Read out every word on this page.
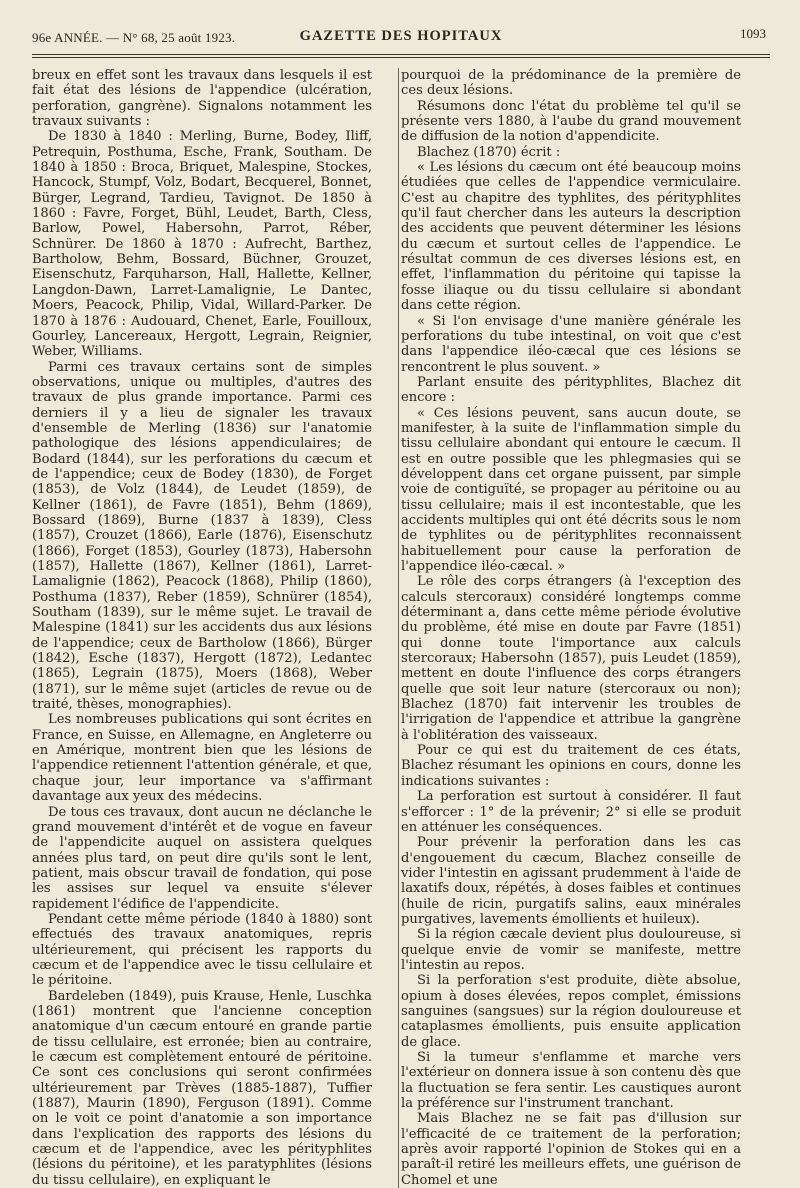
96e ANNÉE. — N° 68, 25 août 1923.	GAZETTE DES HOPITAUX	1093

breux en effet sont les travaux dans lesquels il est fait état des lésions de l'appendice (ulcération, perforation, gangrène). Signalons notamment les travaux suivants :

De 1830 à 1840 : Merling, Burne, Bodey, Iliff, Petrequin, Posthuma, Esche, Frank, Southam. De 1840 à 1850 : Broca, Briquet, Malespine, Stockes, Hancock, Stumpf, Volz, Bodart, Becquerel, Bonnet, Bürger, Legrand, Tardieu, Tavignot. De 1850 à 1860 : Favre, Forget, Bühl, Leudet, Barth, Cless, Barlow, Powel, Habersohn, Parrot, Réber, Schnürer. De 1860 à 1870 : Aufrecht, Barthez, Bartholow, Behm, Bossard, Büchner, Grouzet, Eisenschutz, Farquharson, Hall, Hallette, Kellner, Langdon-Dawn, Larret-Lamalignie, Le Dantec, Moers, Peacock, Philip, Vidal, Willard-Parker. De 1870 à 1876 : Audouard, Chenet, Earle, Fouilloux, Gourley, Lancereaux, Hergott, Legrain, Reignier, Weber, Williams.

Parmi ces travaux certains sont de simples observations, unique ou multiples, d'autres des travaux de plus grande importance. Parmi ces derniers il y a lieu de signaler les travaux d'ensemble de Merling (1836) sur l'anatomie pathologique des lésions appendiculaires; de Bodard (1844), sur les perforations du cæcum et de l'appendice; ceux de Bodey (1830), de Forget (1853), de Volz (1844), de Leudet (1859), de Kellner (1861), de Favre (1851), Behm (1869), Bossard (1869), Burne (1837 à 1839), Cless (1857), Crouzet (1866), Earle (1876), Eisenschutz (1866), Forget (1853), Gourley (1873), Habersohn (1857), Hallette (1867), Kellner (1861), Larret-Lamalignie (1862), Peacock (1868), Philip (1860), Posthuma (1837), Reber (1859), Schnürer (1854), Southam (1839), sur le même sujet. Le travail de Malespine (1841) sur les accidents dus aux lésions de l'appendice; ceux de Bartholow (1866), Bürger (1842), Esche (1837), Hergott (1872), Ledantec (1865), Legrain (1875), Moers (1868), Weber (1871), sur le même sujet (articles de revue ou de traité, thèses, monographies).

Les nombreuses publications qui sont écrites en France, en Suisse, en Allemagne, en Angleterre ou en Amérique, montrent bien que les lésions de l'appendice retiennent l'attention générale, et que, chaque jour, leur importance va s'affirmant davantage aux yeux des médecins.

De tous ces travaux, dont aucun ne déclanche le grand mouvement d'intérêt et de vogue en faveur de l'appendicite auquel on assistera quelques années plus tard, on peut dire qu'ils sont le lent, patient, mais obscur travail de fondation, qui pose les assises sur lequel va ensuite s'élever rapidement l'édifice de l'appendicite.

Pendant cette même période (1840 à 1880) sont effectués des travaux anatomiques, repris ultérieurement, qui précisent les rapports du cæcum et de l'appendice avec le tissu cellulaire et le péritoine.

Bardeleben (1849), puis Krause, Henle, Luschka (1861) montrent que l'ancienne conception anatomique d'un cæcum entouré en grande partie de tissu cellulaire, est erronée; bien au contraire, le cæcum est complètement entouré de péritoine. Ce sont ces conclusions qui seront confirmées ultérieurement par Trèves (1885-1887), Tuffier (1887), Maurin (1890), Ferguson (1891). Comme on le voit ce point d'anatomie a son importance dans l'explication des rapports des lésions du cæcum et de l'appendice, avec les pérityphlites (lésions du péritoine), et les paratyphlites (lésions du tissu cellulaire), en expliquant le

pourquoi de la prédominance de la première de ces deux lésions.

Résumons donc l'état du problème tel qu'il se présente vers 1880, à l'aube du grand mouvement de diffusion de la notion d'appendicite.

Blachez (1870) écrit :

« Les lésions du cæcum ont été beaucoup moins étudiées que celles de l'appendice vermiculaire. C'est au chapitre des typhlites, des pérityphlites qu'il faut chercher dans les auteurs la description des accidents que peuvent déterminer les lésions du cæcum et surtout celles de l'appendice. Le résultat commun de ces diverses lésions est, en effet, l'inflammation du péritoine qui tapisse la fosse iliaque ou du tissu cellulaire si abondant dans cette région.

« Si l'on envisage d'une manière générale les perforations du tube intestinal, on voit que c'est dans l'appendice iléo-cæcal que ces lésions se rencontrent le plus souvent. »

Parlant ensuite des pérityphlites, Blachez dit encore :

« Ces lésions peuvent, sans aucun doute, se manifester, à la suite de l'inflammation simple du tissu cellulaire abondant qui entoure le cæcum. Il est en outre possible que les phlegmasies qui se développent dans cet organe puissent, par simple voie de contiguïté, se propager au péritoine ou au tissu cellulaire; mais il est incontestable, que les accidents multiples qui ont été décrits sous le nom de typhlites ou de pérityphlites reconnaissent habituellement pour cause la perforation de l'appendice iléo-cæcal. »

Le rôle des corps étrangers (à l'exception des calculs stercoraux) considéré longtemps comme déterminant a, dans cette même période évolutive du problème, été mise en doute par Favre (1851) qui donne toute l'importance aux calculs stercoraux; Habersohn (1857), puis Leudet (1859), mettent en doute l'influence des corps étrangers quelle que soit leur nature (stercoraux ou non); Blachez (1870) fait intervenir les troubles de l'irrigation de l'appendice et attribue la gangrène à l'oblitération des vaisseaux.

Pour ce qui est du traitement de ces états, Blachez résumant les opinions en cours, donne les indications suivantes :

La perforation est surtout à considérer. Il faut s'efforcer : 1° de la prévenir; 2° si elle se produit en atténuer les conséquences.

Pour prévenir la perforation dans les cas d'engouement du cæcum, Blachez conseille de vider l'intestin en agissant prudemment à l'aide de laxatifs doux, répétés, à doses faibles et continues (huile de ricin, purgatifs salins, eaux minérales purgatives, lavements émollients et huileux).

Si la région cæcale devient plus douloureuse, si quelque envie de vomir se manifeste, mettre l'intestin au repos.

Si la perforation s'est produite, diète absolue, opium à doses élevées, repos complet, émissions sanguines (sangsues) sur la région douloureuse et cataplasmes émollients, puis ensuite application de glace.

Si la tumeur s'enflamme et marche vers l'extérieur on donnera issue à son contenu dès que la fluctuation se fera sentir. Les caustiques auront la préférence sur l'instrument tranchant.

Mais Blachez ne se fait pas d'illusion sur l'efficacité de ce traitement de la perforation; après avoir rapporté l'opinion de Stokes qui en a paraît-il retiré les meilleurs effets, une guérison de Chomel et une
